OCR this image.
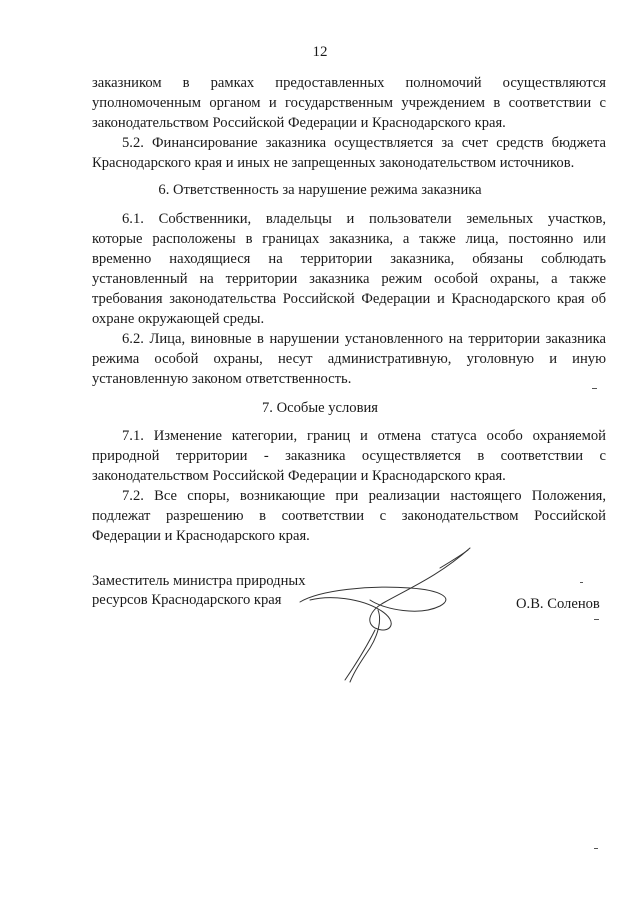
12
заказником в рамках предоставленных полномочий осуществляются
уполномоченным органом и государственным учреждением в соответствии с
законодательством Российской Федерации и Краснодарского края.
5.2. Финансирование заказника осуществляется за счет средств бюджета
Краснодарского края и иных не запрещенных законодательством источников.
6. Ответственность за нарушение режима заказника
6.1. Собственники, владельцы и пользователи земельных участков,
которые расположены в границах заказника, а также лица, постоянно или
временно находящиеся на территории заказника, обязаны соблюдать
установленный на территории заказника режим особой охраны, а также
требования законодательства Российской Федерации и Краснодарского края об
охране окружающей среды.
6.2. Лица, виновные в нарушении установленного на территории заказника
режима особой охраны, несут административную, уголовную и иную
установленную законом ответственность.
7. Особые условия
7.1. Изменение категории, границ и отмена статуса особо охраняемой
природной территории - заказника осуществляется в соответствии с
законодательством Российской Федерации и Краснодарского края.
7.2. Все споры, возникающие при реализации настоящего Положения,
подлежат разрешению в соответствии с законодательством Российской
Федерации и Краснодарского края.
Заместитель министра природных
ресурсов Краснодарского края	О.В. Соленов
